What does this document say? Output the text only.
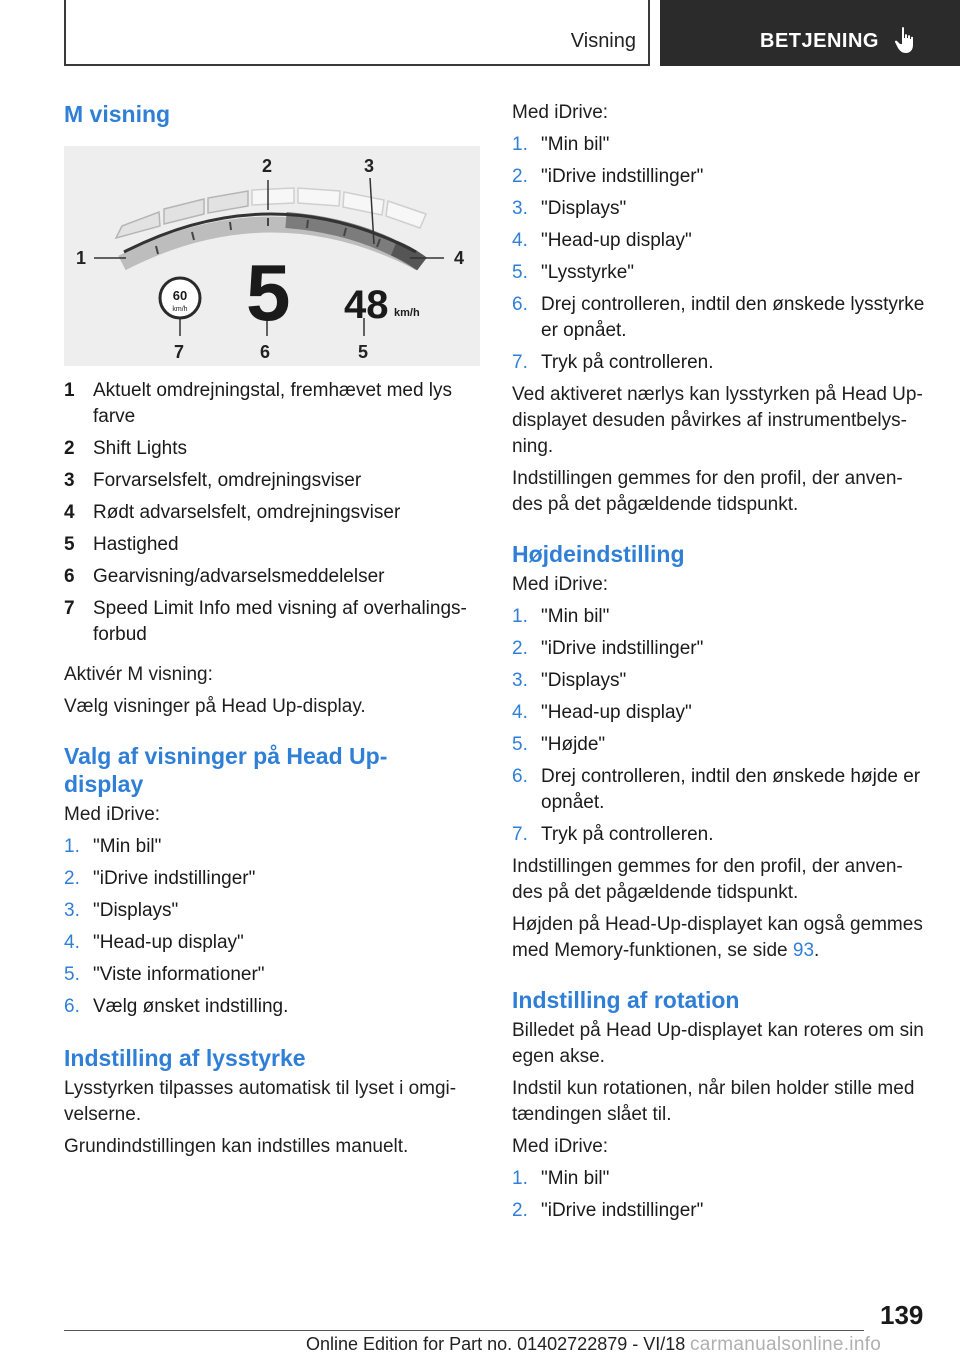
Visning	BETJENING
M visning
1
2	3
4
5
6
7
5 48 km/h
60
km/h
1 Aktuelt omdrejningstal, fremhævet med lys farve
2 Shift Lights
3 Forvarselsfelt, omdrejningsviser
4 Rødt advarselsfelt, omdrejningsviser
5 Hastighed
6 Gearvisning/advarselsmeddelelser
7 Speed Limit Info med visning af overhalings-forbud

Aktivér M visning:

Vælg visninger på Head Up-display.

Valg af visninger på Head Up-display

Med iDrive:

1. "Min bil"
2. "iDrive indstillinger"
3. "Displays"
4. "Head-up display"
5. "Viste informationer"
6. Vælg ønsket indstilling.
Indstilling af lysstyrke

Lysstyrken tilpasses automatisk til lyset i omgi-velserne.

Grundindstillingen kan indstilles manuelt.

Med iDrive:

1. "Min bil"
2. "iDrive indstillinger"
3. "Displays"
4. "Head-up display"
5. "Lysstyrke"
6. Drej controlleren, indtil den ønskede lysstyrke er opnået.
7. Tryk på controlleren.

Ved aktiveret nærlys kan lysstyrken på Head Up-displayet desuden påvirkes af instrumentbelys-ning.

Indstillingen gemmes for den profil, der anven-des på det pågældende tidspunkt.

Højdeindstilling

Med iDrive:

1. "Min bil"
2. "iDrive indstillinger"
3. "Displays"
4. "Head-up display"
5. "Højde"
6. Drej controlleren, indtil den ønskede højde er opnået.
7. Tryk på controlleren.

Indstillingen gemmes for den profil, der anven-des på det pågældende tidspunkt.

Højden på Head-Up-displayet kan også gemmes med Memory-funktionen, se side 93.

Indstilling af rotation

Billedet på Head Up-displayet kan roteres om sin egen akse.

Indstil kun rotationen, når bilen holder stille med tændingen slået til.

Med iDrive:

1. "Min bil"
2. "iDrive indstillinger"
139
Online Edition for Part no. 01402722879 - VI/18 carmanualsonline.info
